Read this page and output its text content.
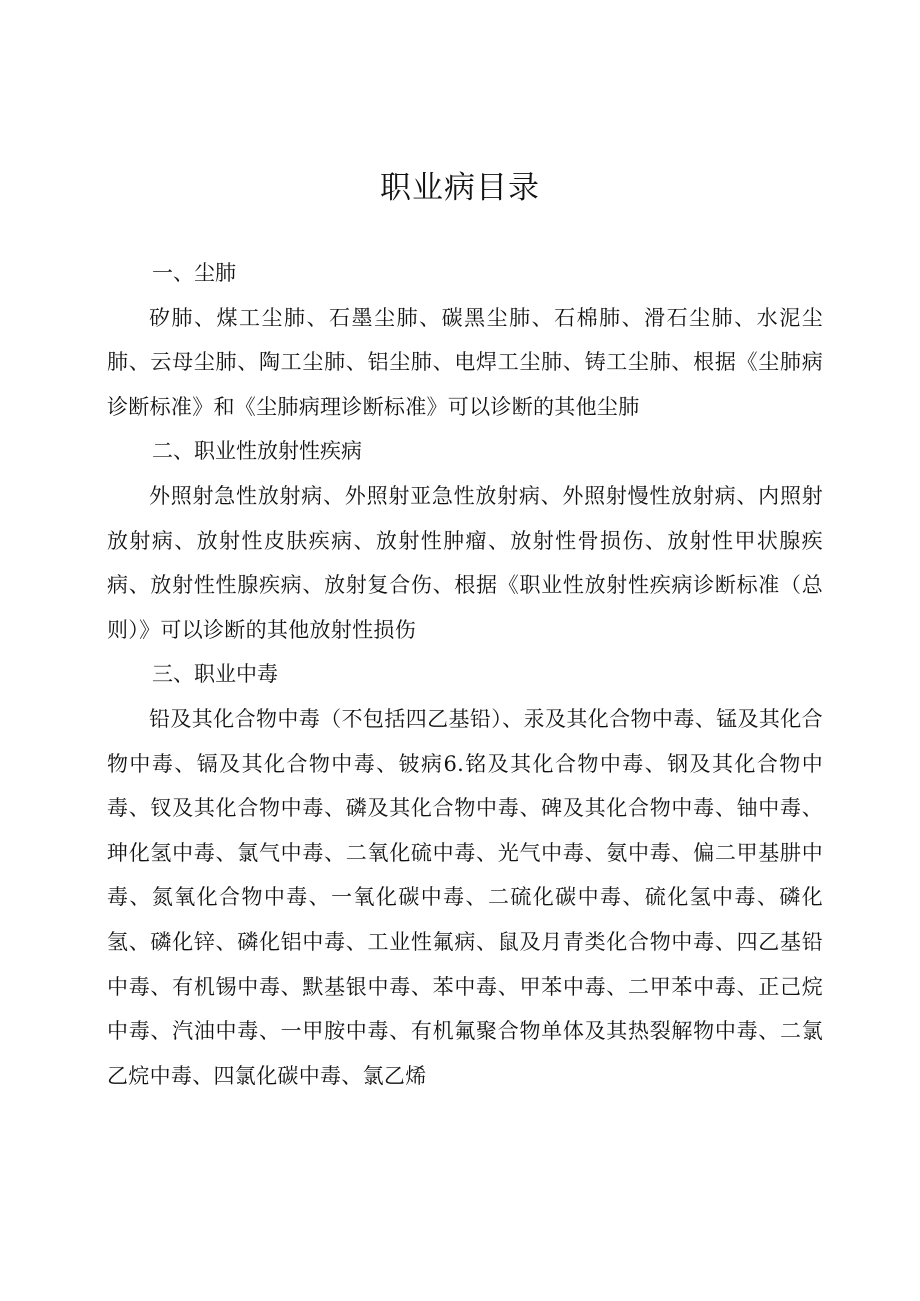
职业病目录
一、尘肺

矽肺、煤工尘肺、石墨尘肺、碳黑尘肺、石棉肺、滑石尘肺、水泥尘肺、云母尘肺、陶工尘肺、铝尘肺、电焊工尘肺、铸工尘肺、根据《尘肺病诊断标准》和《尘肺病理诊断标准》可以诊断的其他尘肺

二、职业性放射性疾病

外照射急性放射病、外照射亚急性放射病、外照射慢性放射病、内照射放射病、放射性皮肤疾病、放射性肿瘤、放射性骨损伤、放射性甲状腺疾病、放射性性腺疾病、放射复合伤、根据《职业性放射性疾病诊断标准（总则）》可以诊断的其他放射性损伤

三、职业中毒

铅及其化合物中毒（不包括四乙基铅）、汞及其化合物中毒、锰及其化合物中毒、镉及其化合物中毒、铍病6.铭及其化合物中毒、钢及其化合物中毒、钗及其化合物中毒、磷及其化合物中毒、碑及其化合物中毒、铀中毒、珅化氢中毒、氯气中毒、二氧化硫中毒、光气中毒、氨中毒、偏二甲基肼中毒、氮氧化合物中毒、一氧化碳中毒、二硫化碳中毒、硫化氢中毒、磷化氢、磷化锌、磷化铝中毒、工业性氟病、鼠及月青类化合物中毒、四乙基铅中毒、有机锡中毒、默基银中毒、苯中毒、甲苯中毒、二甲苯中毒、正己烷中毒、汽油中毒、一甲胺中毒、有机氟聚合物单体及其热裂解物中毒、二氯乙烷中毒、四氯化碳中毒、氯乙烯
